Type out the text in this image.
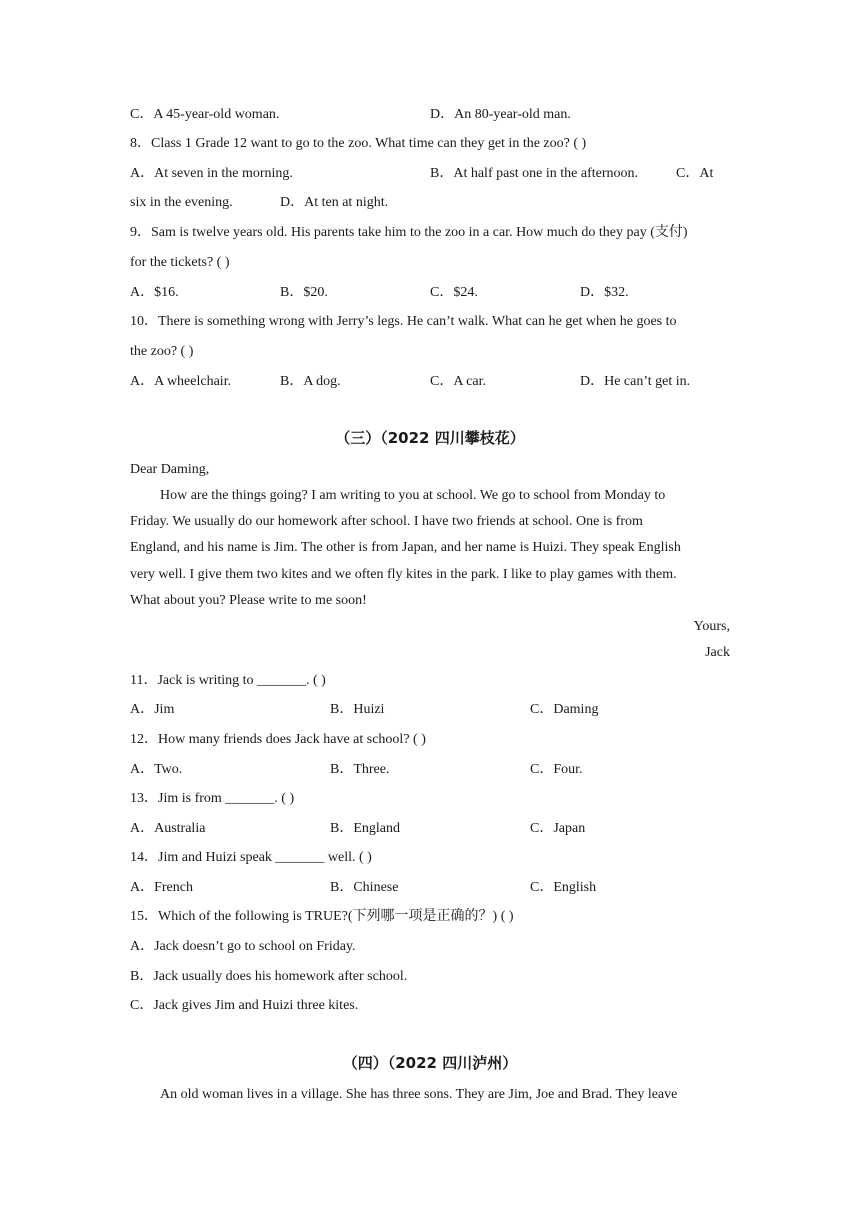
C．A 45-year-old woman.	D．An 80-year-old man.
8．Class 1 Grade 12 want to go to the zoo. What time can they get in the zoo? ( )
A．At seven in the morning.	B．At half past one in the afternoon.	C．At
six in the evening.	D．At ten at night.
9．Sam is twelve years old. His parents take him to the zoo in a car. How much do they pay (支付)
for the tickets? ( )
A．$16.	B．$20.	C．$24.	D．$32.
10．There is something wrong with Jerry’s legs. He can’t walk. What can he get when he goes to
the zoo? ( )
A．A wheelchair.	B．A dog.	C．A car.	D．He can’t get in.
（三）（2022 四川攀枝花）
Dear Daming,
How are the things going? I am writing to you at school. We go to school from Monday to
Friday. We usually do our homework after school. I have two friends at school. One is from
England, and his name is Jim. The other is from Japan, and her name is Huizi. They speak English
very well. I give them two kites and we often fly kites in the park. I like to play games with them.
What about you? Please write to me soon!
Yours,
Jack
11．Jack is writing to _______. ( )
A．Jim	B．Huizi	C．Daming
12．How many friends does Jack have at school? ( )
A．Two.	B．Three.	C．Four.
13．Jim is from _______. ( )
A．Australia	B．England	C．Japan
14．Jim and Huizi speak _______ well. ( )
A．French	B．Chinese	C．English
15．Which of the following is TRUE?(下列哪一项是正确的？) ( )
A．Jack doesn’t go to school on Friday.
B．Jack usually does his homework after school.
C．Jack gives Jim and Huizi three kites.
（四）（2022 四川泸州）
An old woman lives in a village. She has three sons. They are Jim, Joe and Brad. They leave
